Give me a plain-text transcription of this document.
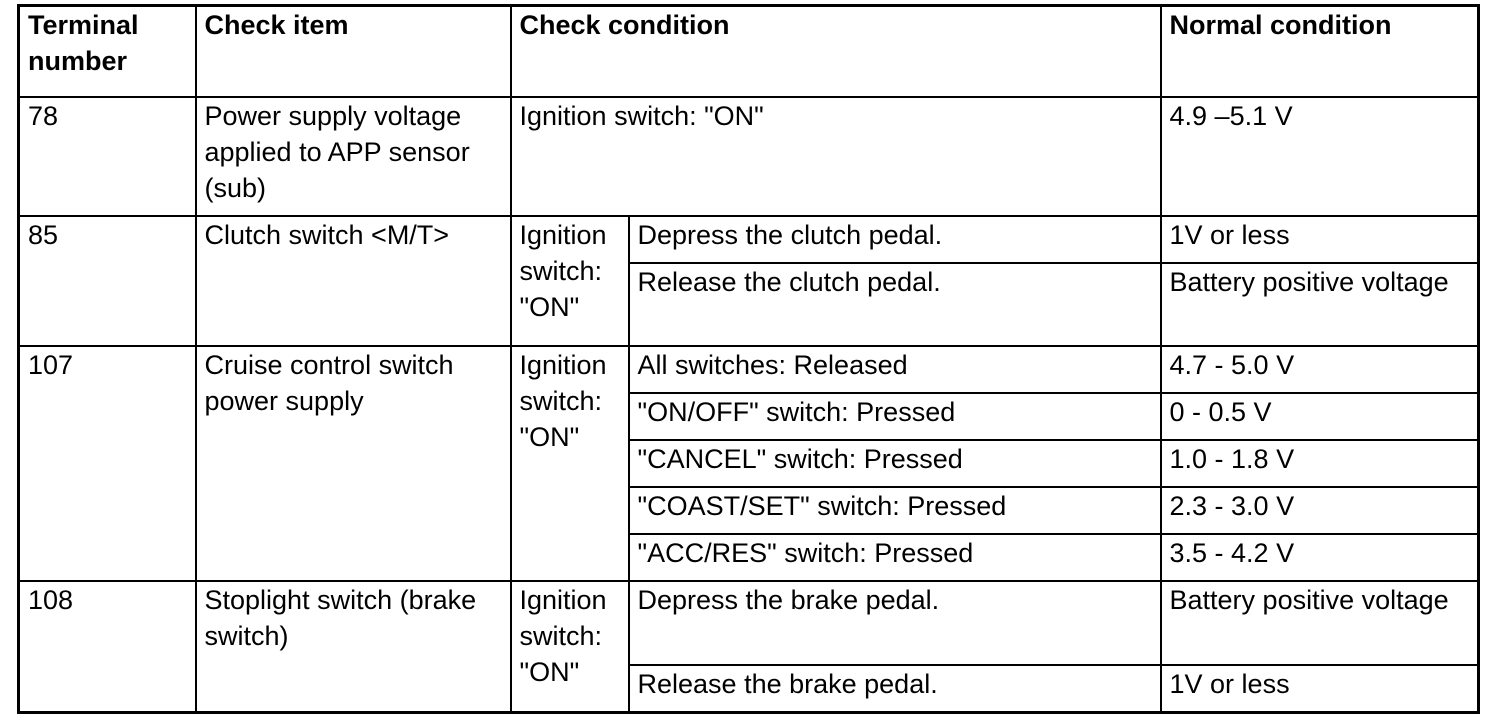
Terminal number	Check item	Check condition		Normal condition
78	Power supply voltage applied to APP sensor (sub)	Ignition switch: "ON"		4.9 –5.1 V
85	Clutch switch <M/T>	Ignition switch: "ON"	Depress the clutch pedal.	1V or less
			Release the clutch pedal.	Battery positive voltage
107	Cruise control switch power supply	Ignition switch: "ON"	All switches: Released	4.7 - 5.0 V
			"ON/OFF" switch: Pressed	0 - 0.5 V
			"CANCEL" switch: Pressed	1.0 - 1.8 V
			"COAST/SET" switch: Pressed	2.3 - 3.0 V
			"ACC/RES" switch: Pressed	3.5 - 4.2 V
108	Stoplight switch (brake switch)	Ignition switch: "ON"	Depress the brake pedal.	Battery positive voltage
			Release the brake pedal.	1V or less
